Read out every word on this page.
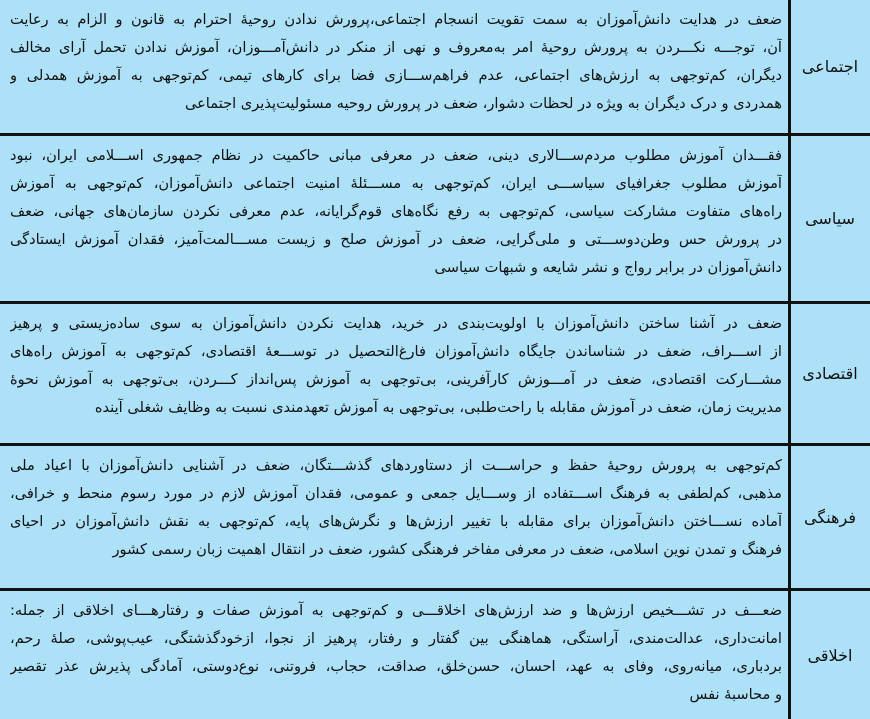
اجتماعی
ضعف در هدایت دانش‌آموزان به سمت تقویت انسجام اجتماعی،پرورش ندادن روحیهٔ احترام به قانون و الزام به رعایت
آن، توجـــه نکـــردن به پرورش روحیهٔ امر به‌معروف و نهی از منکر در دانش‌آمـــوزان، آموزش ندادن تحمل آرای مخالف
دیگران، کم‌توجهی به ارزش‌های اجتماعی، عدم فراهم‌ســـازی فضا برای کارهای تیمی، کم‌توجهی به آموزش همدلی و
همدردی و درک دیگران به ویژه در لحظات دشوار، ضعف در پرورش روحیه مسئولیت‌پذیری اجتماعی
سیاسی
فقـــدان آموزش مطلوب مردم‌ســـالاری دینی، ضعف در معرفی مبانی حاکمیت در نظام جمهوری اســـلامی ایران، نبود
آموزش مطلوب جغرافیای سیاســـی ایران، کم‌توجهی به مســـئلهٔ امنیت اجتماعی دانش‌آموزان، کم‌توجهی به آموزش
راه‌های متفاوت مشارکت سیاسی، کم‌توجهی به رفع نگاه‌های قوم‌گرایانه، عدم معرفی نکردن سازمان‌های جهانی، ضعف
در پرورش حس وطن‌دوســـتی و ملی‌گرایی، ضعف در آموزش صلح و زیست مســـالمت‌آمیز، فقدان آموزش ایستادگی
دانش‌آموزان در برابر رواج و نشر شایعه و شبهات سیاسی
اقتصادی
ضعف در آشنا ساختن دانش‌آموزان با اولویت‌بندی در خرید، هدایت نکردن دانش‌آموزان به سوی ساده‌زیستی و پرهیز
از اســـراف، ضعف در شناساندن جایگاه دانش‌آموزان فارغ‌التحصیل در توســـعهٔ اقتصادی، کم‌توجهی به آموزش راه‌های
مشـــارکت اقتصادی، ضعف در آمـــوزش کارآفرینی، بی‌توجهی به آموزش پس‌انداز کـــردن، بی‌توجهی به آموزش نحوهٔ
مدیریت زمان، ضعف در آموزش مقابله با راحت‌طلبی، بی‌توجهی به آموزش تعهدمندی نسبت به وظایف شغلی آینده
فرهنگی
کم‌توجهی به پرورش روحیهٔ حفظ و حراســـت از دستاوردهای گذشـــتگان، ضعف در آشنایی دانش‌آموزان با اعیاد ملی
مذهبی، کم‌لطفی به فرهنگ اســـتفاده از وســـایل جمعی و عمومی، فقدان آموزش لازم در مورد رسوم منحط و خرافی،
آماده نســـاختن دانش‌آموزان برای مقابله با تغییر ارزش‌ها و نگرش‌های پایه، کم‌توجهی به نقش دانش‌آموزان در احیای
فرهنگ و تمدن نوین اسلامی، ضعف در معرفی مفاخر فرهنگی کشور، ضعف در انتقال اهمیت زبان رسمی کشور
اخلاقی
ضعـــف در تشـــخیص ارزش‌ها و ضد ارزش‌های اخلاقـــی و کم‌توجهی به آموزش صفات و رفتارهـــای اخلاقی از جمله:
امانت‌داری، عدالت‌مندی، آراستگی، هماهنگی بین گفتار و رفتار، پرهیز از نجوا، ازخودگذشتگی، عیب‌پوشی، صلهٔ رحم،
بردباری، میانه‌روی، وفای به عهد، احسان، حسن‌خلق، صداقت، حجاب، فروتنی، نوع‌دوستی، آمادگی پذیرش عذر تقصیر
و محاسبهٔ نفس
